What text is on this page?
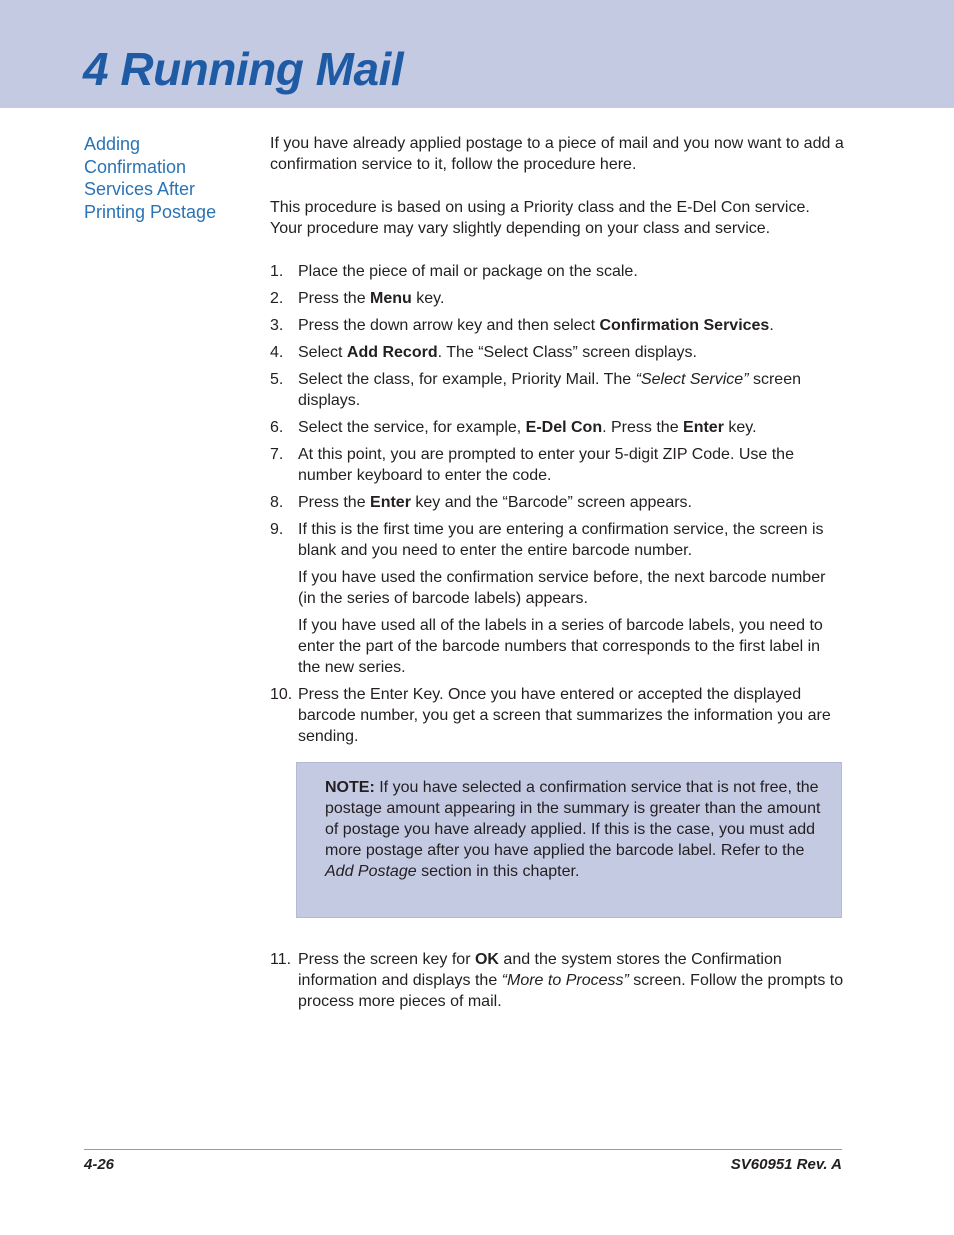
4 Running Mail
Adding
Confirmation
Services After
Printing Postage

If you have already applied postage to a piece of mail and you now want to add a confirmation service to it, follow the procedure here.

This procedure is based on using a Priority class and the E-Del Con service. Your procedure may vary slightly depending on your class and service.

1. Place the piece of mail or package on the scale.
2. Press the Menu key.
3. Press the down arrow key and then select Confirmation Services.
4. Select Add Record. The “Select Class” screen displays.
5. Select the class, for example, Priority Mail. The “Select Service” screen displays.
6. Select the service, for example, E-Del Con. Press the Enter key.
7. At this point, you are prompted to enter your 5-digit ZIP Code. Use the number keyboard to enter the code.
8. Press the Enter key and the “Barcode” screen appears.
9. If this is the first time you are entering a confirmation service, the screen is blank and you need to enter the entire barcode number.

If you have used the confirmation service before, the next barcode number (in the series of barcode labels) appears.

If you have used all of the labels in a series of barcode labels, you need to enter the part of the barcode numbers that corresponds to the first label in the new series.

10. Press the Enter Key. Once you have entered or accepted the displayed barcode number, you get a screen that summarizes the information you are sending.

NOTE: If you have selected a confirmation service that is not free, the postage amount appearing in the summary is greater than the amount of postage you have already applied. If this is the case, you must add more postage after you have applied the barcode label. Refer to the Add Postage section in this chapter.

11. Press the screen key for OK and the system stores the Confirmation information and displays the “More to Process” screen. Follow the prompts to process more pieces of mail.
4-26	SV60951 Rev. A
